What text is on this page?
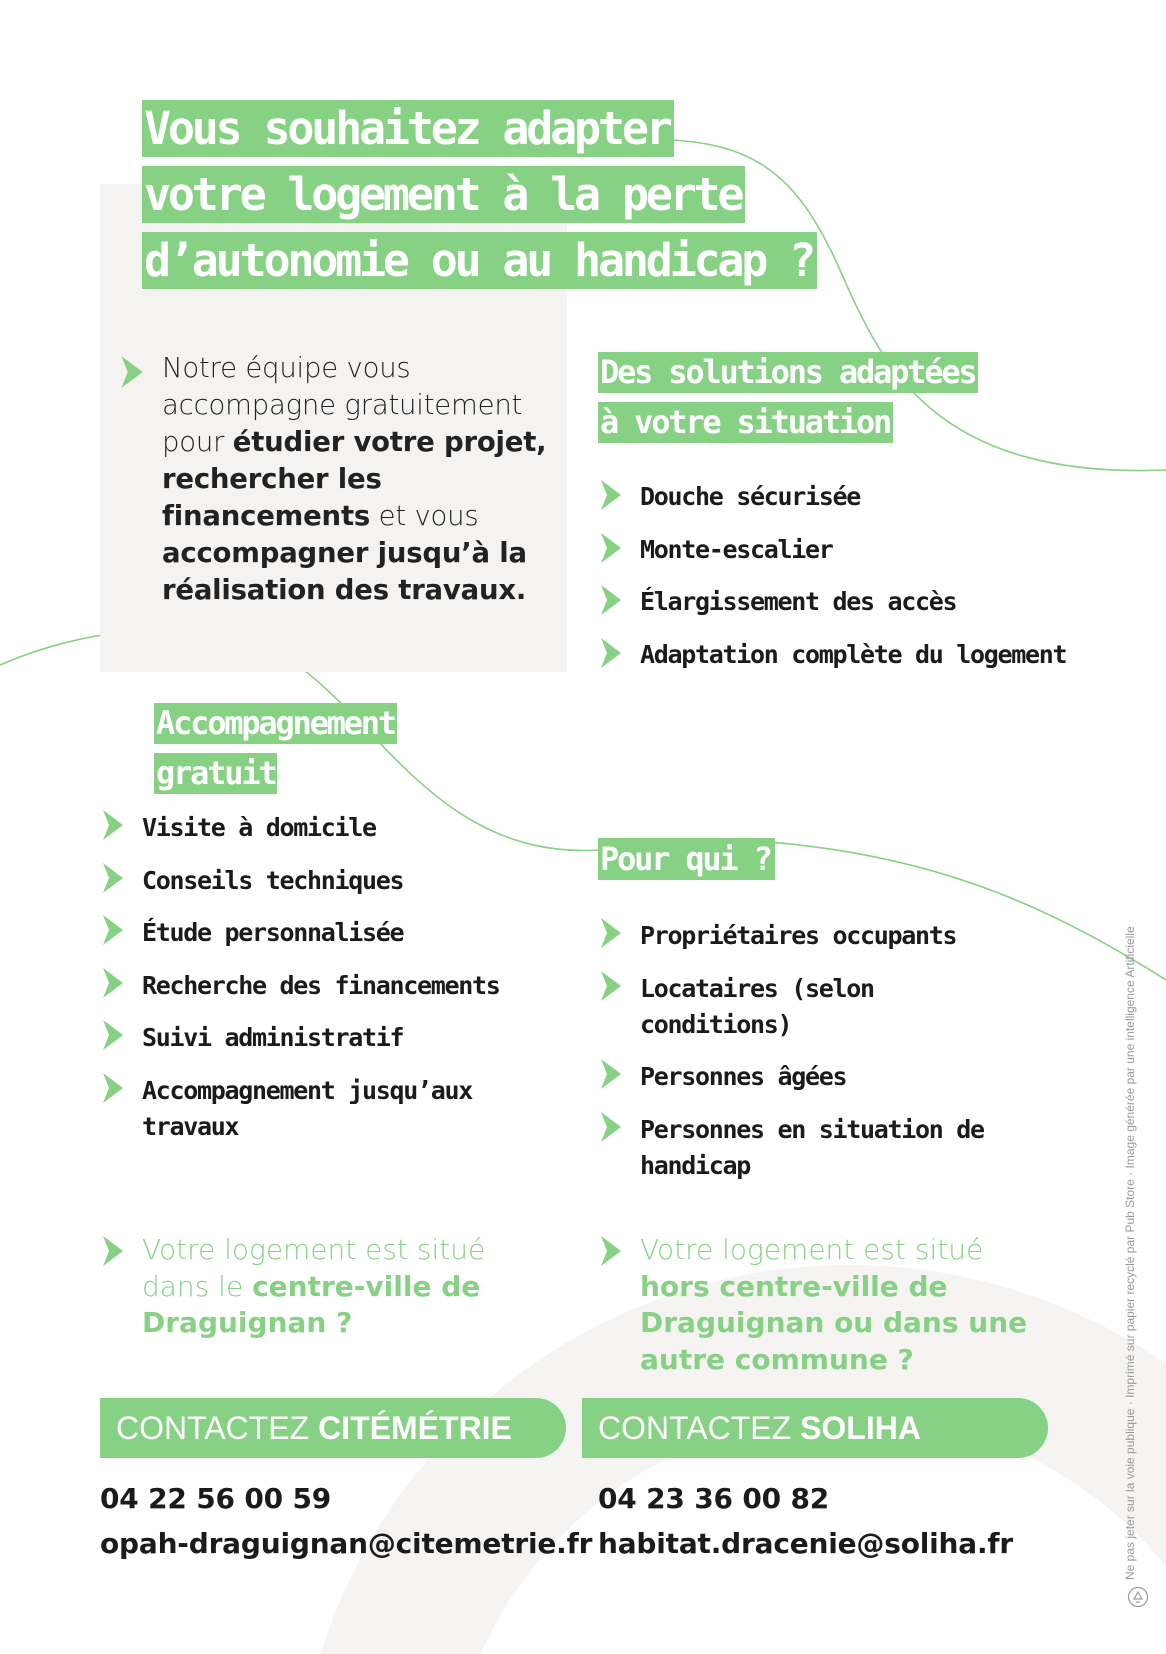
Vous souhaitez adapter
votre logement à la perte
d’autonomie ou au handicap ?

Notre équipe vous accompagne gratuitement pour étudier votre projet, rechercher les financements et vous accompagner jusqu’à la réalisation des travaux.

Des solutions adaptées
à votre situation
Douche sécurisée
Monte-escalier
Élargissement des accès
Adaptation complète du logement
Accompagnement
gratuit
Visite à domicile
Conseils techniques
Étude personnalisée
Recherche des financements
Suivi administratif
Accompagnement jusqu’aux travaux
Pour qui ?
Propriétaires occupants
Locataires (selon conditions)
Personnes âgées
Personnes en situation de handicap

Votre logement est situé dans le centre-ville de Draguignan ?

Votre logement est situé hors centre-ville de Draguignan ou dans une autre commune ?

CONTACTEZ CITÉMÉTRIE	CONTACTEZ SOLIHA
04 22 56 00 59
opah-draguignan@citemetrie.fr
04 23 36 00 82
habitat.dracenie@soliha.fr	Ne pas jeter sur la voie publique · Imprimé sur papier recyclé par Pub Store · Image générée par une intelligence Artificielle
